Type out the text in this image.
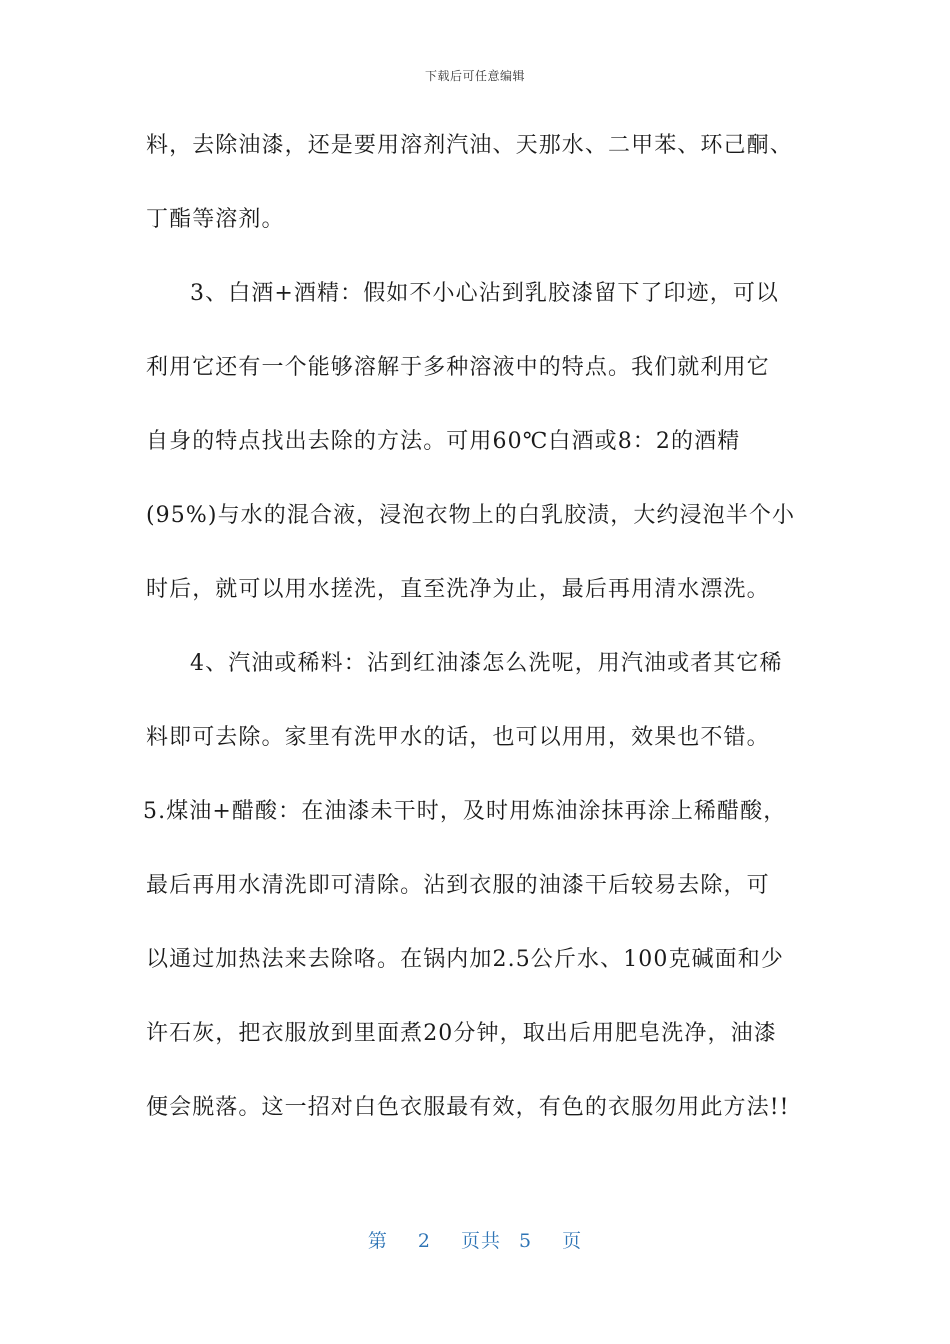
下载后可任意编辑
料，去除油漆，还是要用溶剂汽油、天那水、二甲苯、环己酮、
丁酯等溶剂。
3、白酒+酒精：假如不小心沾到乳胶漆留下了印迹，可以
利用它还有一个能够溶解于多种溶液中的特点。我们就利用它
自身的特点找出去除的方法。可用60℃白酒或8：2的酒精
(95%)与水的混合液，浸泡衣物上的白乳胶渍，大约浸泡半个小
时后，就可以用水搓洗，直至洗净为止，最后再用清水漂洗。
4、汽油或稀料：沾到红油漆怎么洗呢，用汽油或者其它稀
料即可去除。家里有洗甲水的话，也可以用用，效果也不错。
5.煤油+醋酸：在油漆未干时，及时用炼油涂抹再涂上稀醋酸，
最后再用水清洗即可清除。沾到衣服的油漆干后较易去除，可
以通过加热法来去除咯。在锅内加2.5公斤水、100克碱面和少
许石灰，把衣服放到里面煮20分钟，取出后用肥皂洗净，油漆
便会脱落。这一招对白色衣服最有效，有色的衣服勿用此方法!!
第 2 页共 5 页
